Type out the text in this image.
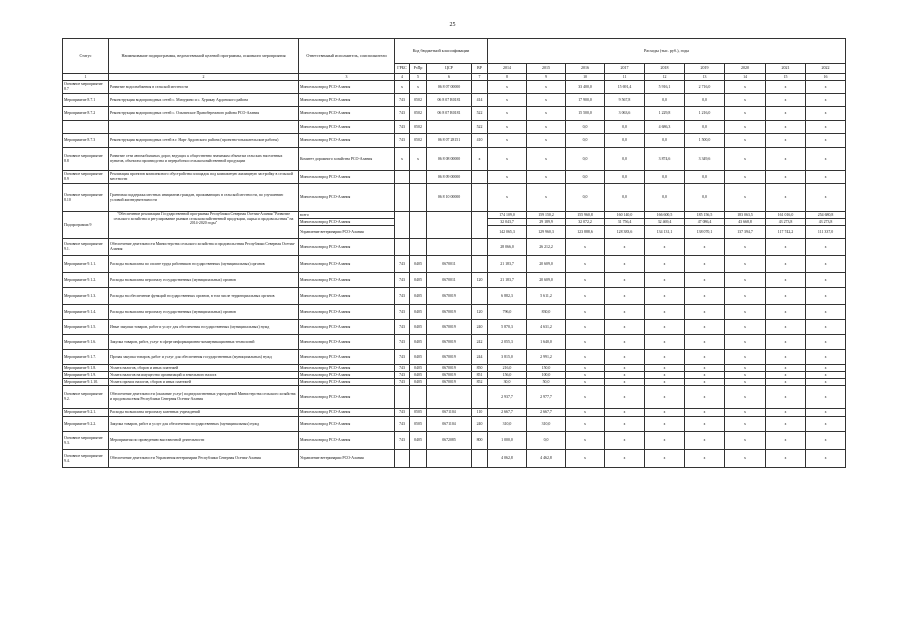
25
Статус	Наименование подпрограммы, ведомственной целевой программы, основного мероприятия	Ответственный исполнитель, соисполнители	Код бюджетной классификации				Расходы (тыс. руб.), годы								
			ГРБС	РзПр	ЦСР	ВР	2014	2015	2016	2017	2018	2019	2020	2021	2022
1	2	3	4	5	6	7	8	9	10	11	12	13	14	15	16
Основное мероприятие 8.7	Развитие водоснабжения в сельской местности	Минсельхозпрод РСО-Алания	х	х	06 8 07 00000		х	х	33 400,0	15 691,4	5 916,1	2 716,0	х	х	х
Мероприятие 8.7.1	Реконструкция водопроводных сетей с. Мичурино и с. Хурикау Ардонского района	Минсельхозпрод РСО-Алания	743	0502	06 8 07 R0181	414	х	х	17 900,0	9 567,8	0,0	0,0	х	х	х
Мероприятие 8.7.2	Реконструкция водопроводных сетей с. Ольгинское Правобережного района РСО-Алания	Минсельхозпрод РСО-Алания	743	0502	06 8 07 R0181	522	х	х	15 500,0	3 063,6	1 229,8	1 216,0	х	х	х
		Минсельхозпрод РСО-Алания	743	0502		522	х	х	0,0	0,0	4 686,3	0,0	х	х	х
Мероприятие 8.7.3	Реконструкция водопроводных сетей в г. Нарт Ардонского района (проектно-изыскательские работы)	Минсельхозпрод РСО-Алания	743	0502	06 8 07 28151	410	х	х	0,0	0,0	0,0	1 500,0	х	х	х
Основное мероприятие 8.8	Развитие сети автомобильных дорог, ведущих к общественно значимым объектам сельских населенных пунктов, объектам производства и переработки сельскохозяйственной продукции	Комитет дорожного хозяйства РСО-Алания	х	х	06 8 08 00000	х	х	х	0,0	0,0	3 874,6	3 349,6	х	х	х
Основное мероприятие 8.9	Реализация проектов комплексного обустройства площадок под компактную жилищную застройку в сельской местности	Минсельхозпрод РСО-Алания			06 8 09 00000		х	х	0,0	0,0	0,0	0,0	х	х	х
Основное мероприятие 8.10	Грантовая поддержка местных инициатив граждан, проживающих в сельской местности, по улучшению условий жизнедеятельности	Минсельхозпрод РСО-Алания			06 8 10 00000		х	х	0,0	0,0	0,0	0,0	х	х	х
Подпрограмма 9	"Обеспечение реализации Государственной программы Республики Северная Осетия-Алания "Развитие сельского хозяйства и регулирование рынков сельскохозяйственной продукции, сырья и продовольствия" на 2014-2020 годы"	всего					174 109,0	159 150,2	155 960,8	160 140,0	166 600,5	185 156,5	183 063,5	161 016,0	254 680,8
		Минсельхозпрод РСО-Алания					32 043,7	29 189,9	32 072,2	31 756,4	32 469,4	47 086,4	43 668,8	43 273,8	43 273,8
		Управление ветеринарии РСО-Алания					142 065,3	129 960,3	123 888,6	128 383,6	134 131,1	138 070,1	137 394,7	117 742,2	111 337,0
Основное мероприятие 9.1.	Обеспечение деятельности Министерства сельского хозяйства и продовольствия Республики Северная Осетия-Алания	Минсельхозпрод РСО-Алания					28 066,0	26 212,2	х	х	х	х	х	х	х
Мероприятие 9.1.1.	Расходы на выплаты по оплате труда работников государственных (муниципальных) органов	Минсельхозпрод РСО-Алания	743	0405	0670011		21 183,7	20 609,0	х	х	х	х	х	х	х
Мероприятие 9.1.2.	Расходы на выплаты персоналу государственных (муниципальных) органов	Минсельхозпрод РСО-Алания	743	0405	0670011	120	21 183,7	20 609,0	х	х	х	х	х	х	х
Мероприятие 9.1.3.	Расходы на обеспечение функций государственных органов, в том числе территориальных органов	Минсельхозпрод РСО-Алания	743	0405	0670019		6 882,3	5 611,2	х	х	х	х	х	х	х
Мероприятие 9.1.4.	Расходы на выплаты персоналу государственных (муниципальных) органов	Минсельхозпрод РСО-Алания	743	0405	0670019	120	796,0	830,0	х	х	х	х	х	х	х
Мероприятие 9.1.5.	Иные закупки товаров, работ и услуг для обеспечения государственных (муниципальных) нужд	Минсельхозпрод РСО-Алания	743	0405	0670019	240	5 870,3	4 631,2	х	х	х	х	х	х	х
Мероприятие 9.1.6.	Закупка товаров, работ, услуг в сфере информационно-коммуникационных технологий	Минсельхозпрод РСО-Алания	743	0405	0670019	242	2 055,3	1 640,0	х	х	х	х	х	х	х
Мероприятие 9.1.7.	Прочая закупка товаров, работ и услуг для обеспечения государственных (муниципальных) нужд	Минсельхозпрод РСО-Алания	743	0405	0670019	244	3 815,0	2 991,2	х	х	х	х	х	х	х
Мероприятие 9.1.8.	Уплата налогов, сборов и иных платежей	Минсельхозпрод РСО-Алания	743	0405	0670019	850	216,0	150,0	х	х	х	х	х	х	х
Мероприятие 9.1.9.	Уплата налогов на имущество организаций и земельного налога	Минсельхозпрод РСО-Алания	743	0405	0670019	851	156,0	100,0	х	х	х	х	х	х	х
Мероприятие 9.1.10.	Уплата прочих налогов, сборов и иных платежей	Минсельхозпрод РСО-Алания	743	0405	0670019	852	30,0	50,0	х	х	х	х	х	х	х
Основное мероприятие 9.2.	Обеспечение деятельности (оказание услуг) подведомственных учреждений Министерства сельского хозяйства и продовольствия Республики Северная Осетия-Алания	Минсельхозпрод РСО-Алания					2 937,7	2 977,7	х	х	х	х	х	х	х
Мероприятие 9.2.1.	Расходы на выплаты персоналу казенных учреждений	Минсельхозпрод РСО-Алания	743	0505	0671104	110	2 667,7	2 667,7	х	х	х	х	х	х	х
Мероприятие 9.2.2.	Закупка товаров, работ и услуг для обеспечения государственных (муниципальных) нужд	Минсельхозпрод РСО-Алания	743	0505	0671104	240	310,0	310,0	х	х	х	х	х	х	х
Основное мероприятие 9.3.	Мероприятия по проведению выставочной деятельности	Минсельхозпрод РСО-Алания	743	0405	0672085	800	1 000,0	0,0	х	х	х	х	х	х	х
Основное мероприятие 9.4.	Обеспечение деятельности Управления ветеринарии Республики Северная Осетия-Алания	Управление ветеринарии РСО-Алания					4 062,8	4 462,8	х	х	х	х	х	х	х
